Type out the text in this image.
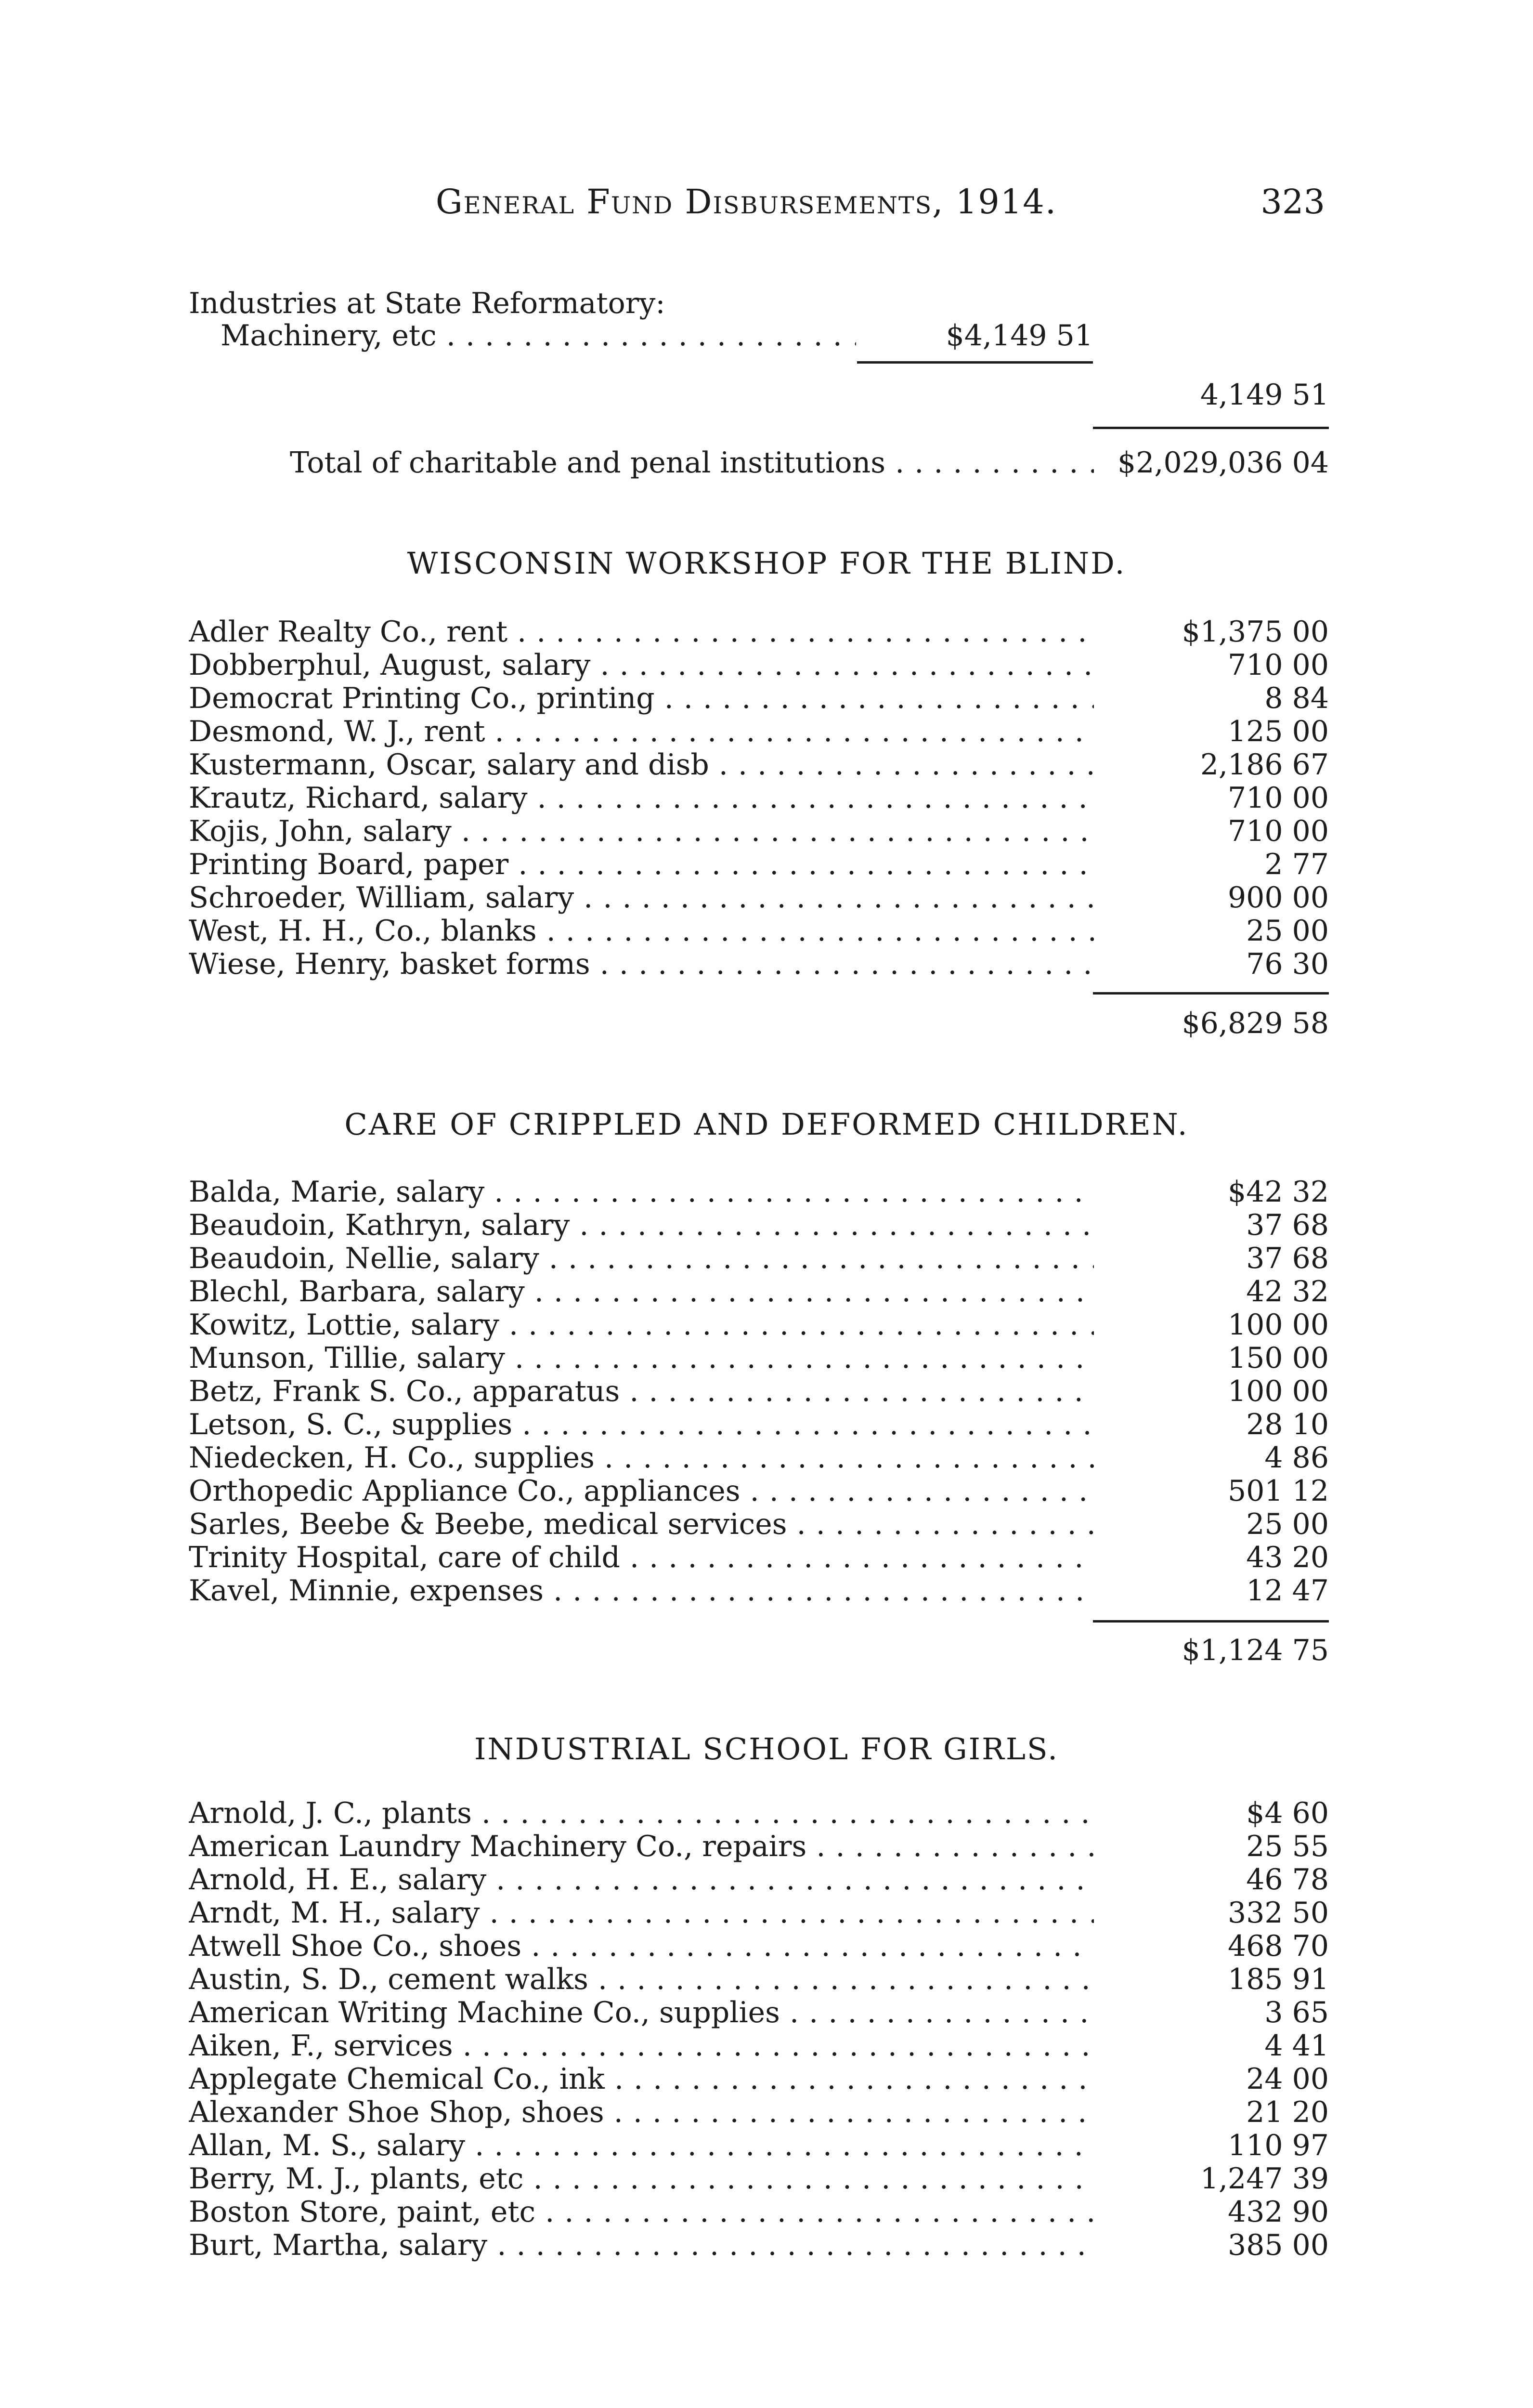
General Fund Disbursements, 1914.	323
Industries at State Reformatory:
Machinery, etc . . .	$4,149 51
4,149 51
Total of charitable and penal institutions . . .	$2,029,036 04
WISCONSIN WORKSHOP FOR THE BLIND.
Adler Realty Co., rent . . .	$1,375 00
Dobberphul, August, salary . . .	710 00
Democrat Printing Co., printing . . .	8 84
Desmond, W. J., rent . . .	125 00
Kustermann, Oscar, salary and disb . . .	2,186 67
Krautz, Richard, salary . . .	710 00
Kojis, John, salary . . .	710 00
Printing Board, paper . . .	2 77
Schroeder, William, salary . . .	900 00
West, H. H., Co., blanks . . .	25 00
Wiese, Henry, basket forms . . .	76 30
$6,829 58
CARE OF CRIPPLED AND DEFORMED CHILDREN.
Balda, Marie, salary . . .	$42 32
Beaudoin, Kathryn, salary . . .	37 68
Beaudoin, Nellie, salary . . .	37 68
Blechl, Barbara, salary . . .	42 32
Kowitz, Lottie, salary . . .	100 00
Munson, Tillie, salary . . .	150 00
Betz, Frank S. Co., apparatus . . .	100 00
Letson, S. C., supplies . . .	28 10
Niedecken, H. Co., supplies . . .	4 86
Orthopedic Appliance Co., appliances . . .	501 12
Sarles, Beebe & Beebe, medical services . . .	25 00
Trinity Hospital, care of child . . .	43 20
Kavel, Minnie, expenses . . .	12 47
$1,124 75
INDUSTRIAL SCHOOL FOR GIRLS.
Arnold, J. C., plants . . .	$4 60
American Laundry Machinery Co., repairs . . .	25 55
Arnold, H. E., salary . . .	46 78
Arndt, M. H., salary . . .	332 50
Atwell Shoe Co., shoes . . .	468 70
Austin, S. D., cement walks . . .	185 91
American Writing Machine Co., supplies . . .	3 65
Aiken, F., services . . .	4 41
Applegate Chemical Co., ink . . .	24 00
Alexander Shoe Shop, shoes . . .	21 20
Allan, M. S., salary . . .	110 97
Berry, M. J., plants, etc . . .	1,247 39
Boston Store, paint, etc . . .	432 90
Burt, Martha, salary . . .	385 00
